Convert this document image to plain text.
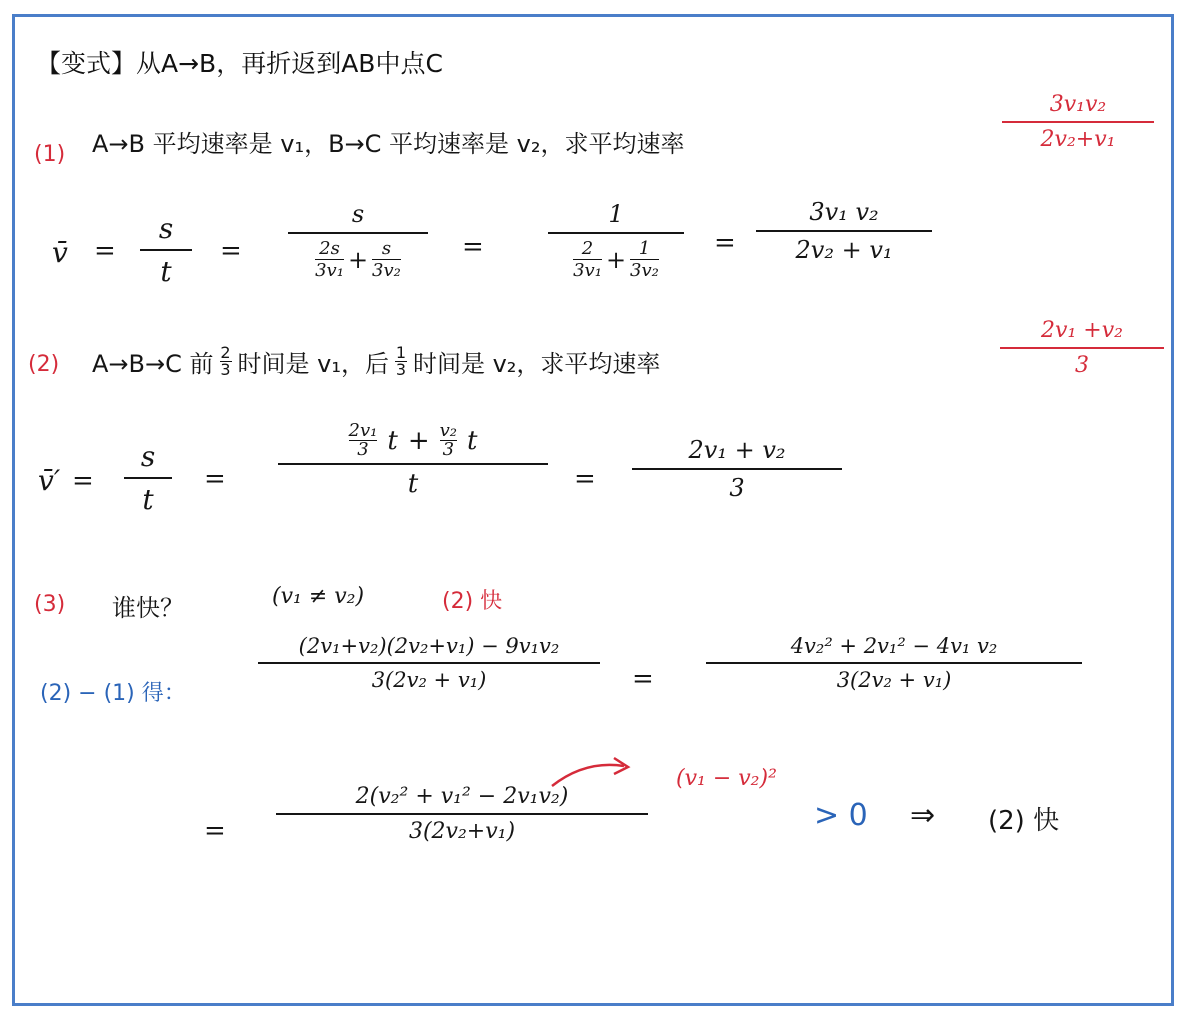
【变式】从A→B，再折返到AB中点C
(1) A→B 平均速率是 v₁，B→C 平均速率是 v₂，求平均速率
3v₁v₂
2v₂+v₁
v̄ =
s
t
=
s
2s
3v₁ + s
3v₂
=
1
2
3v₁ + 1
3v₂
=
3v₁ v₂
2v₂ + v₁
(2) A→B→C 前 2
3 时间是 v₁，后 1
3 时间是 v₂，求平均速率
2v₁ +v₂
3
v̄′ =
s
t
=
2v₁
3 t + v₂
3 t
t	=
2v₁ + v₂
3
(3) 谁快？	(v₁ ≠ v₂)	(2) 快
(2) − (1) 得：
(2v₁+v₂)(2v₂+v₁) − 9v₁v₂
3(2v₂ + v₁)	=
4v₂² + 2v₁² − 4v₁ v₂
3(2v₂ + v₁)
=
2(v₂² + v₁² − 2v₁v₂)
3(2v₂+v₁)
(v₁ − v₂)²
> 0 ⇒ (2) 快
